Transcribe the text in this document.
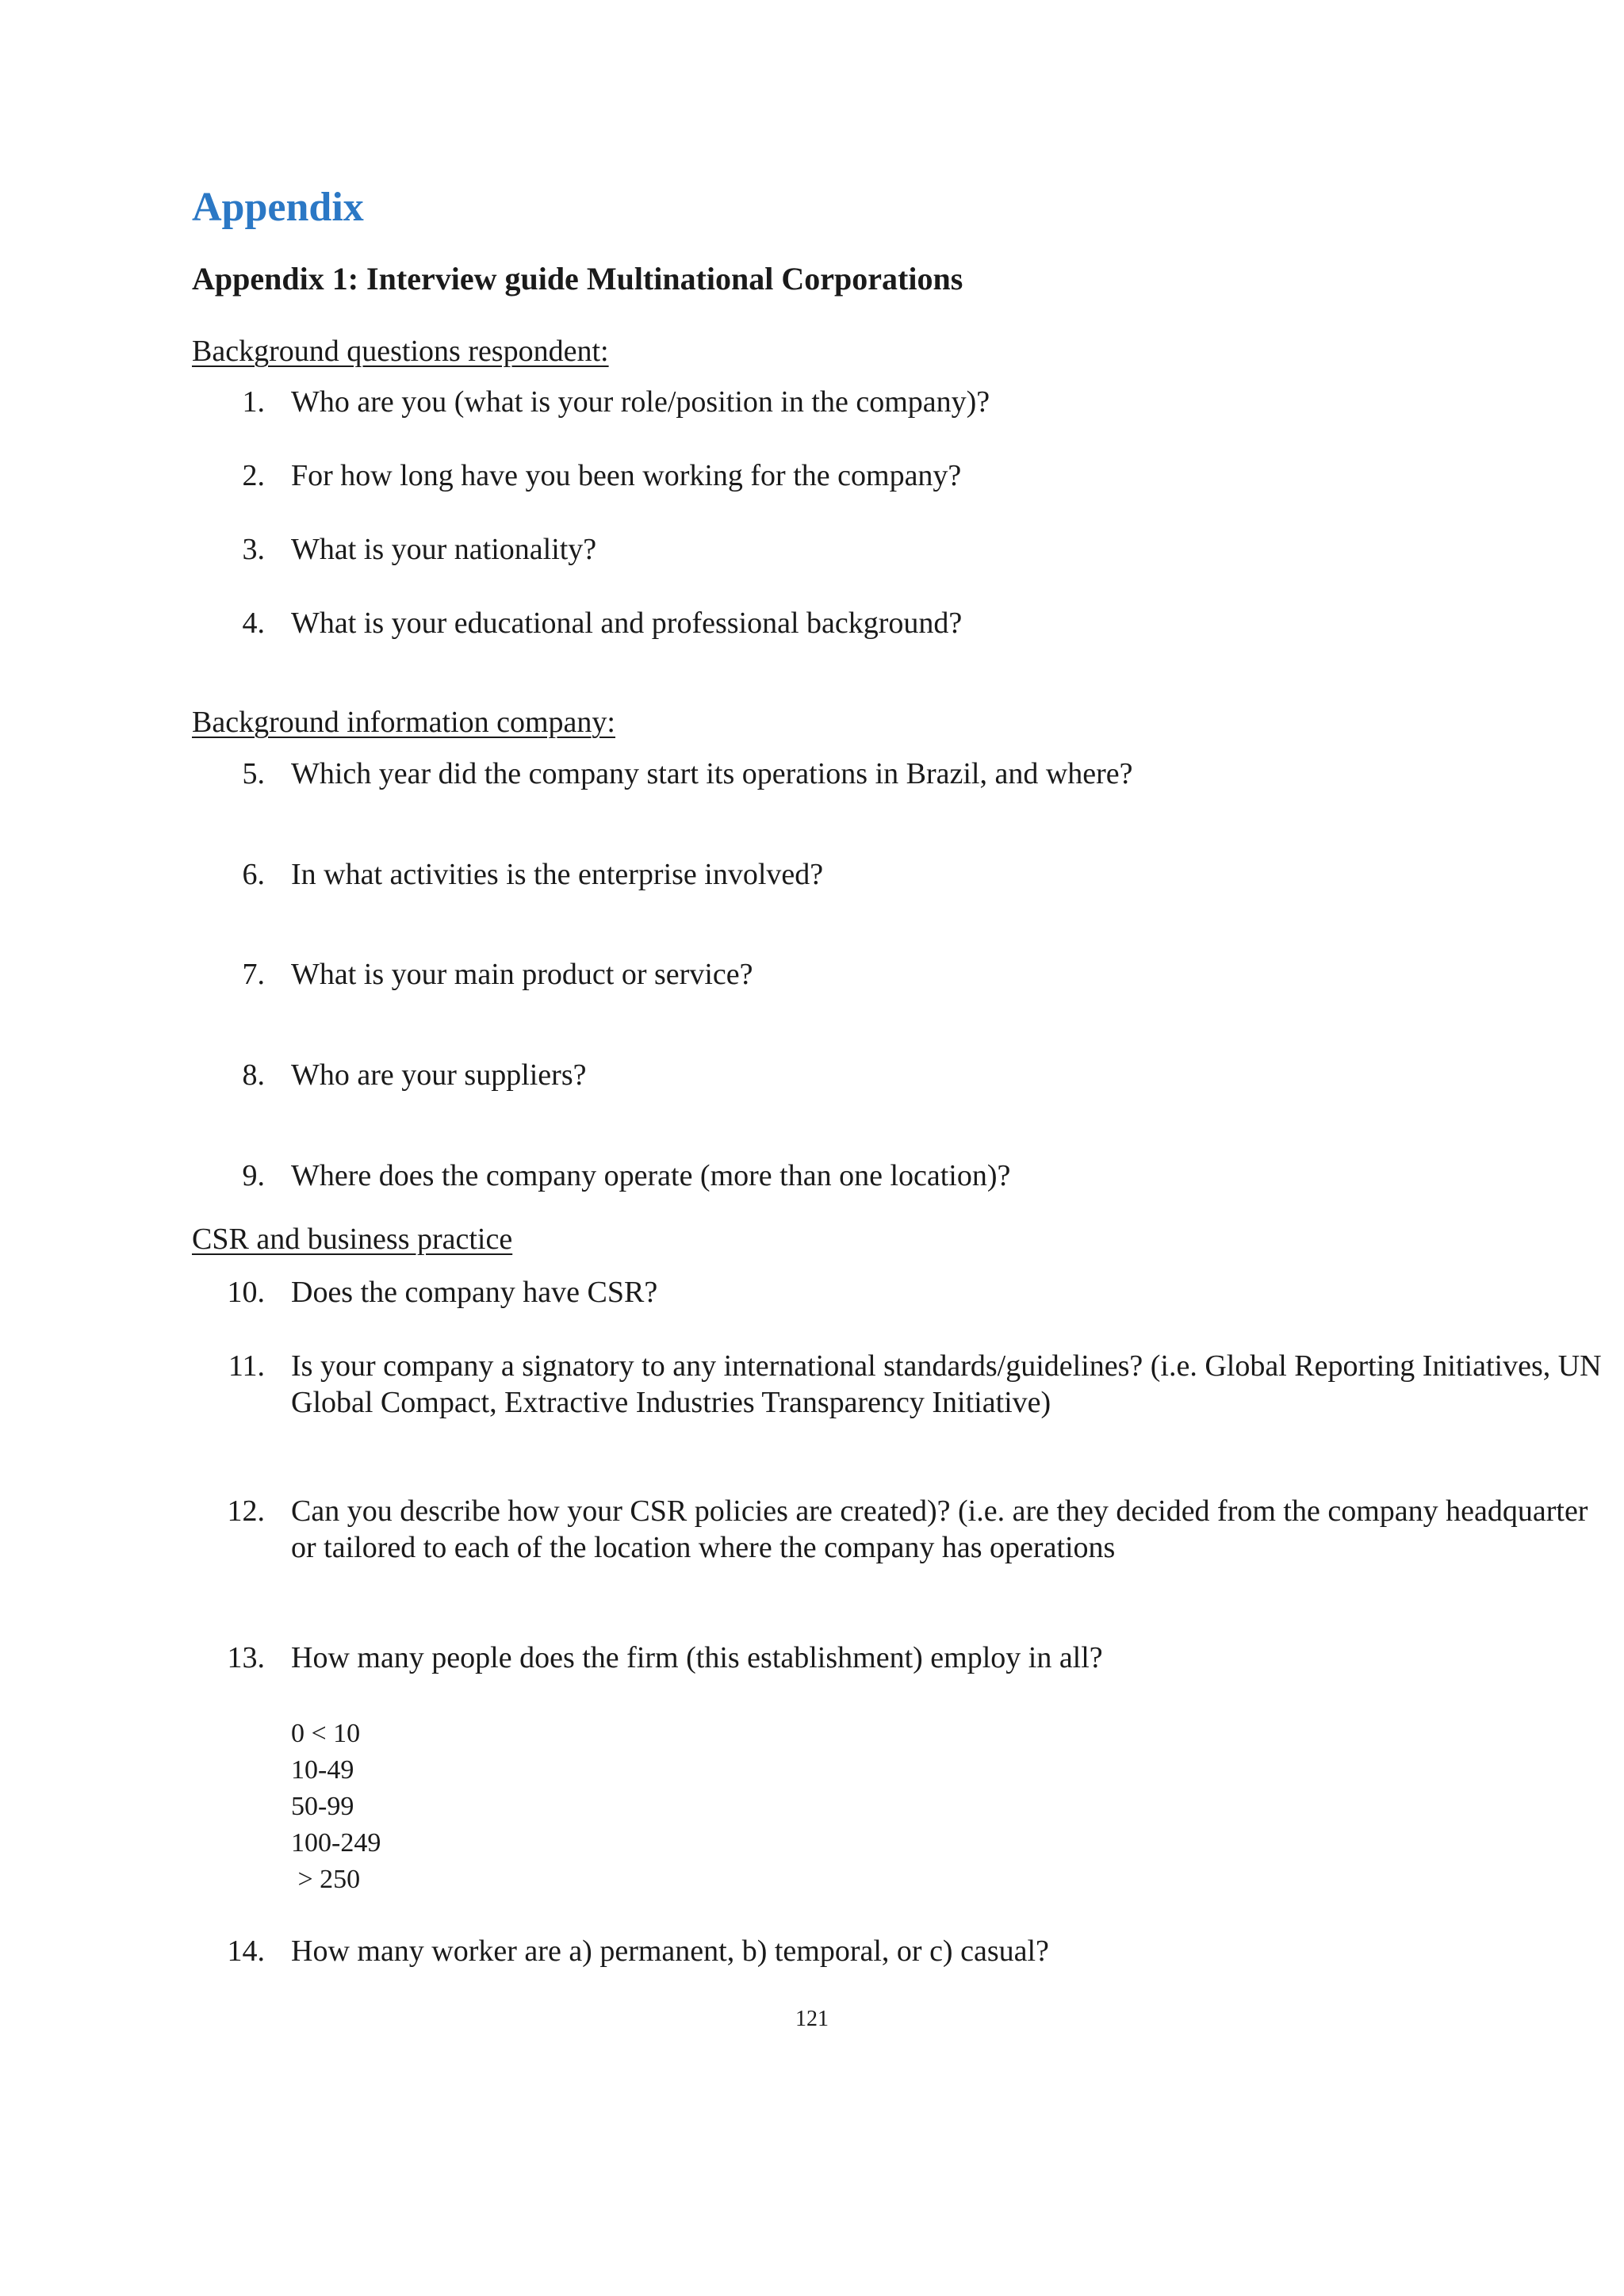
Appendix
Appendix 1: Interview guide Multinational Corporations
Background questions respondent:
1. Who are you (what is your role/position in the company)?
2. For how long have you been working for the company?
3. What is your nationality?
4. What is your educational and professional background?
Background information company:
5. Which year did the company start its operations in Brazil, and where?
6. In what activities is the enterprise involved?
7. What is your main product or service?
8. Who are your suppliers?
9. Where does the company operate (more than one location)?
CSR and business practice
10. Does the company have CSR?
11. Is your company a signatory to any international standards/guidelines? (i.e. Global Reporting Initiatives, UN Global Compact, Extractive Industries Transparency Initiative)
12. Can you describe how your CSR policies are created)? (i.e. are they decided from the company headquarter or tailored to each of the location where the company has operations
13. How many people does the firm (this establishment) employ in all?
0 < 10
10-49
50-99
100-249
> 250
14. How many worker are a) permanent, b) temporal, or c) casual?
121
